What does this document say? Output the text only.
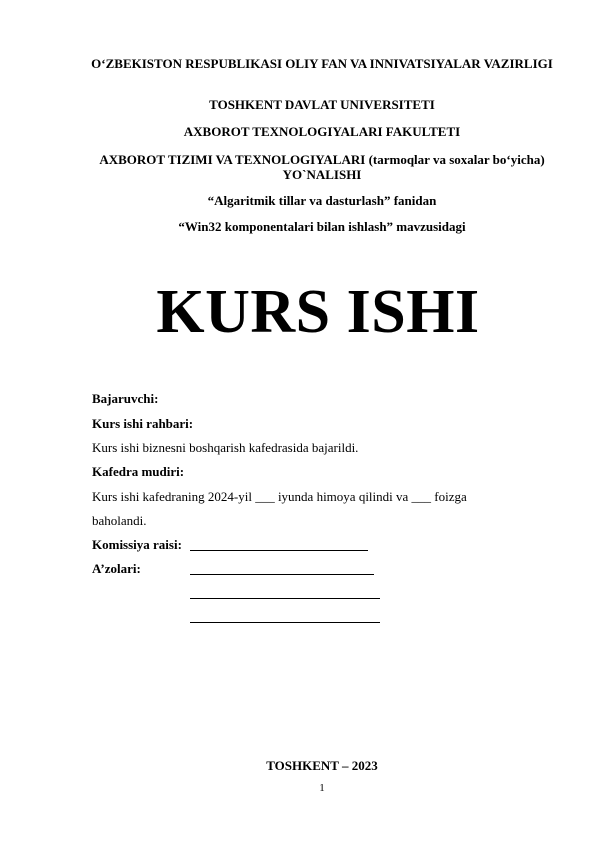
O‘ZBEKISTON RESPUBLIKASI OLIY FAN VA INNIVATSIYALAR VAZIRLIGI
TOSHKENT DAVLAT UNIVERSITETI
AXBOROT TEXNOLOGIYALARI FAKULTETI
AXBOROT TIZIMI VA TEXNOLOGIYALARI (tarmoqlar va soxalar bo‘yicha) YO`NALISHI
“Algaritmik tillar va dasturlash” fanidan
“Win32 komponentalari bilan ishlash” mavzusidagi
KURS ISHI
Bajaruvchi:
Kurs ishi rahbari:
Kurs ishi biznesni boshqarish kafedrasida bajarildi.
Kafedra mudiri:
Kurs ishi kafedraning 2024-yil ___ iyunda himoya qilindi va ___ foizga
baholandi.
Komissiya raisi:
A’zolari:
TOSHKENT – 2023
1
